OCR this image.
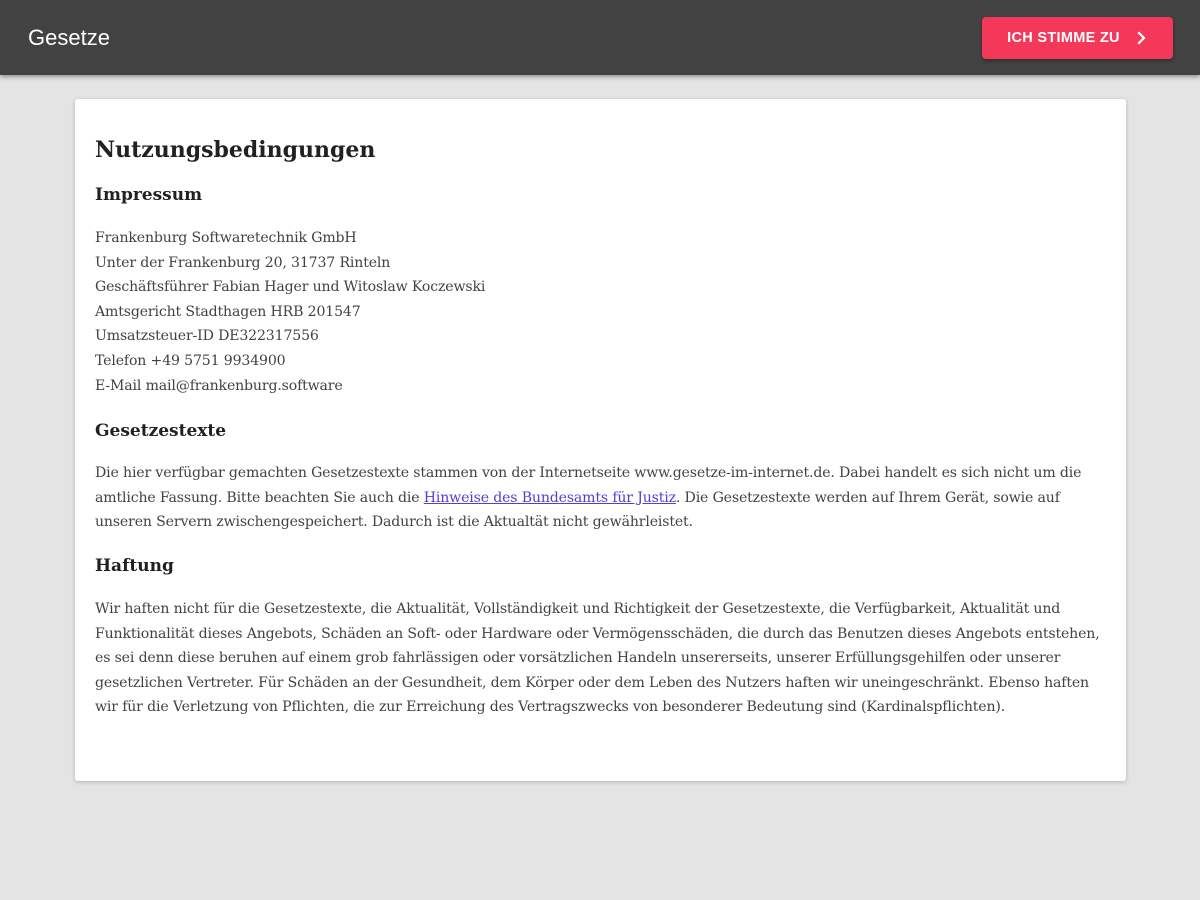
Gesetze	ICH STIMME ZU
Nutzungsbedingungen
Impressum
Frankenburg Softwaretechnik GmbH
Unter der Frankenburg 20, 31737 Rinteln
Geschäftsführer Fabian Hager und Witoslaw Koczewski
Amtsgericht Stadthagen HRB 201547
Umsatzsteuer-ID DE322317556
Telefon +49 5751 9934900
E-Mail mail@frankenburg.software
Gesetzestexte

Die hier verfügbar gemachten Gesetzestexte stammen von der Internetseite www.gesetze-im-internet.de. Dabei handelt es sich nicht um die amtliche Fassung. Bitte beachten Sie auch die Hinweise des Bundesamts für Justiz. Die Gesetzestexte werden auf Ihrem Gerät, sowie auf unseren Servern zwischengespeichert. Dadurch ist die Aktualtät nicht gewährleistet.

Haftung

Wir haften nicht für die Gesetzestexte, die Aktualität, Vollständigkeit und Richtigkeit der Gesetzestexte, die Verfügbarkeit, Aktualität und Funktionalität dieses Angebots, Schäden an Soft- oder Hardware oder Vermögensschäden, die durch das Benutzen dieses Angebots entstehen, es sei denn diese beruhen auf einem grob fahrlässigen oder vorsätzlichen Handeln unsererseits, unserer Erfüllungsgehilfen oder unserer gesetzlichen Vertreter. Für Schäden an der Gesundheit, dem Körper oder dem Leben des Nutzers haften wir uneingeschränkt. Ebenso haften wir für die Verletzung von Pflichten, die zur Erreichung des Vertragszwecks von besonderer Bedeutung sind (Kardinalspflichten).
